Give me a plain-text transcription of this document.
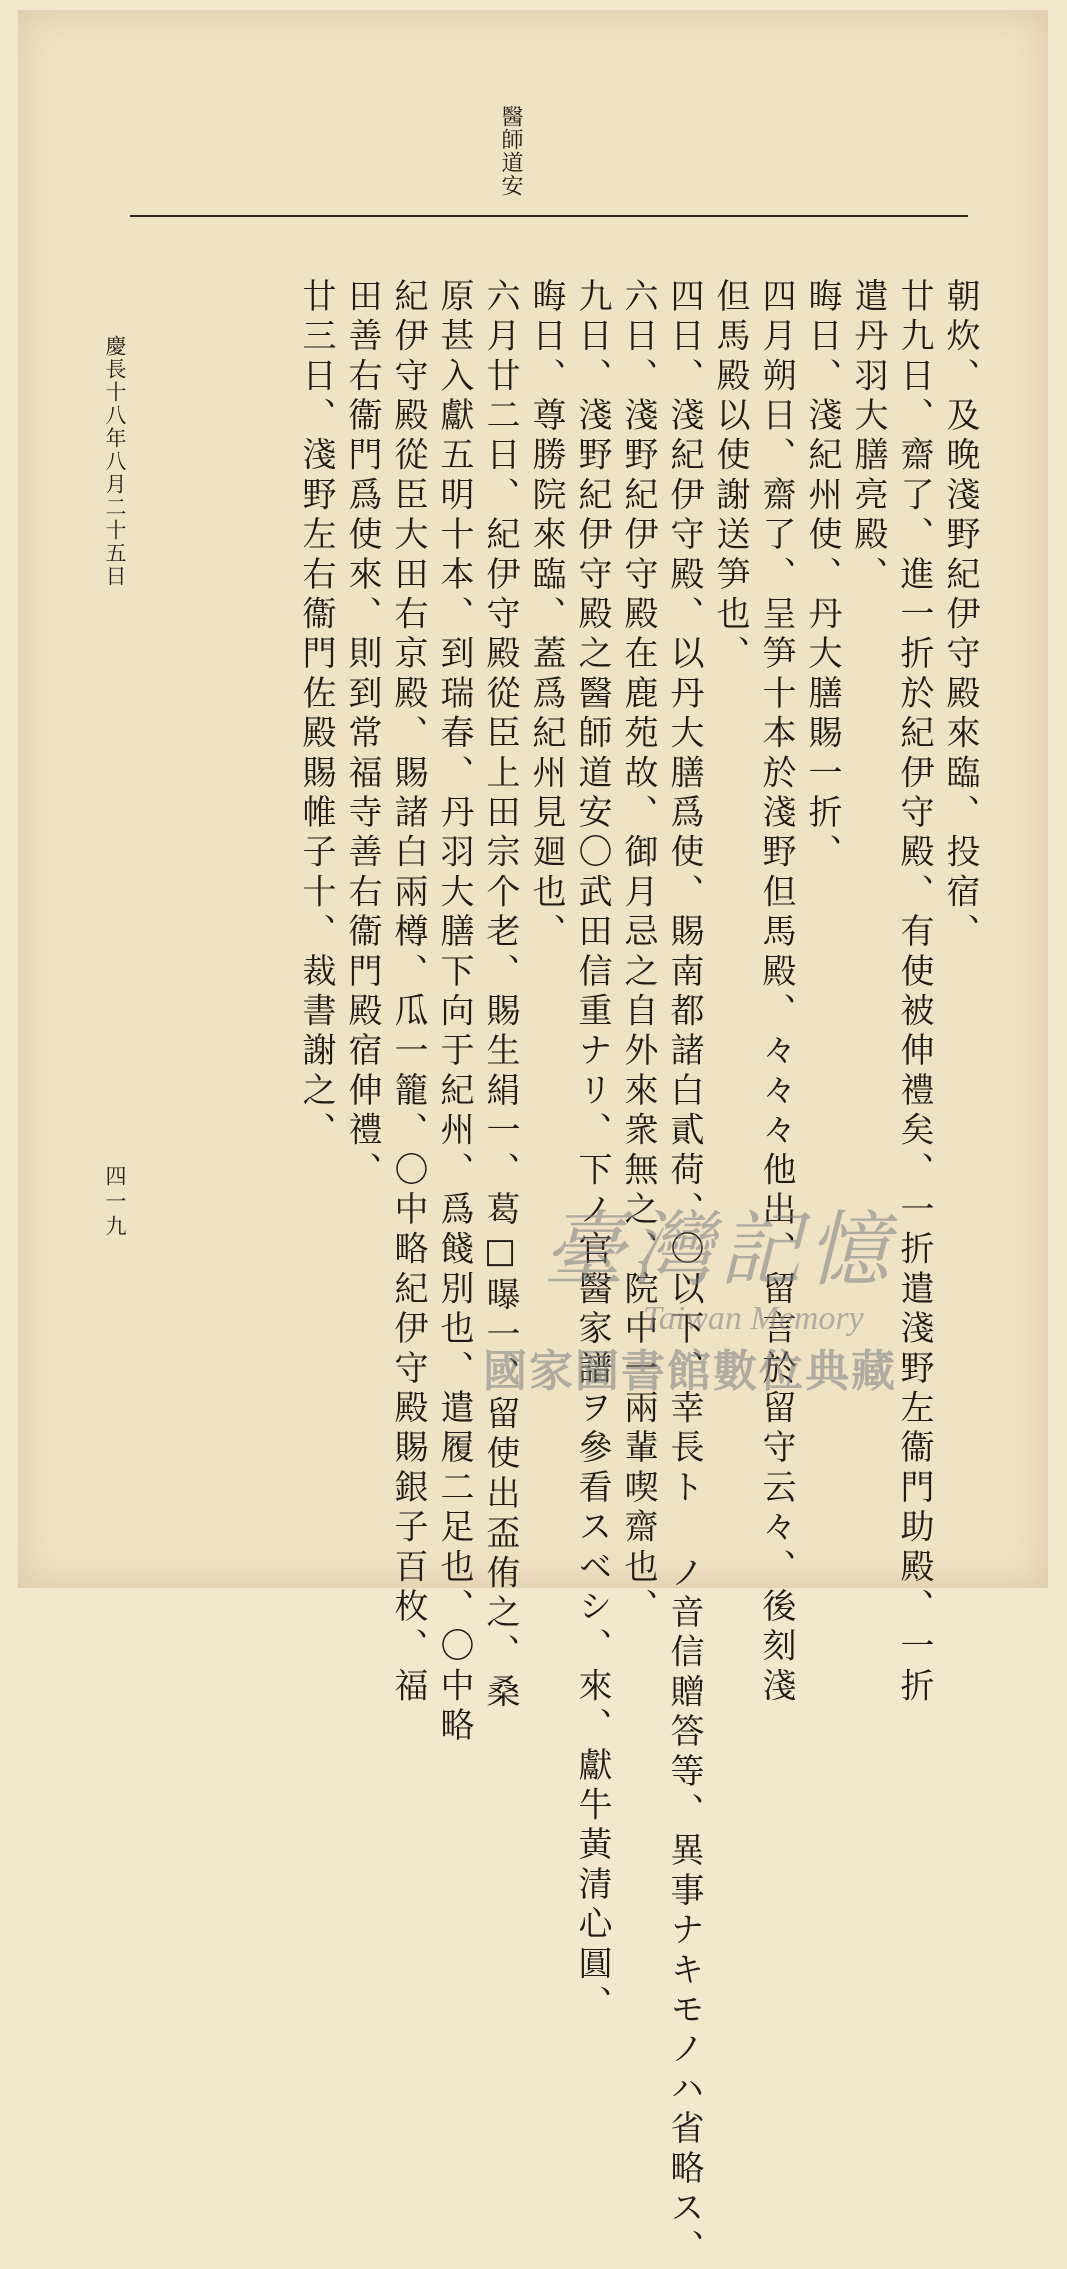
醫師道安
朝炊、及晚淺野紀伊守殿來臨、投宿、
廿九日、齋了、進一折於紀伊守殿、有使被伸禮矣、一折遣淺野左衞門助殿、一折
遣丹羽大膳亮殿、
晦日、淺紀州使、丹大膳賜一折、
四月朔日、齋了、呈笋十本於淺野但馬殿、々々々他出、留言於留守云々、後刻淺
但馬殿以使謝送笋也、
四日、淺紀伊守殿、以丹大膳爲使、賜南都諸白貳荷、〇以下、幸長ト ノ音信贈答等、異事ナキモノハ省略ス、
六日、淺野紀伊守殿在鹿苑故、御月忌之自外來衆無之、院中一兩輩喫齋也、
九日、淺野紀伊守殿之醫師道安〇武田信重ナリ、下ノ官醫家譜ヲ參看スベシ、來、獻牛黃清心圓、
晦日、尊勝院來臨、蓋爲紀州見廻也、
六月廿二日、紀伊守殿從臣上田宗个老、賜生絹一、葛□曝一、留使出盃侑之、桑
原甚入獻五明十本、到瑞春、丹羽大膳下向于紀州、爲餞別也、遣履二足也、〇中略
紀伊守殿從臣大田右京殿、賜諸白兩樽、瓜一籠、〇中略紀伊守殿賜銀子百枚、福
田善右衞門爲使來、則到常福寺善右衞門殿宿伸禮、
廿三日、淺野左右衞門佐殿賜帷子十、裁書謝之、
慶長十八年八月二十五日
四一九
臺灣記憶
Taiwan Memory
國家圖書館數位典藏
